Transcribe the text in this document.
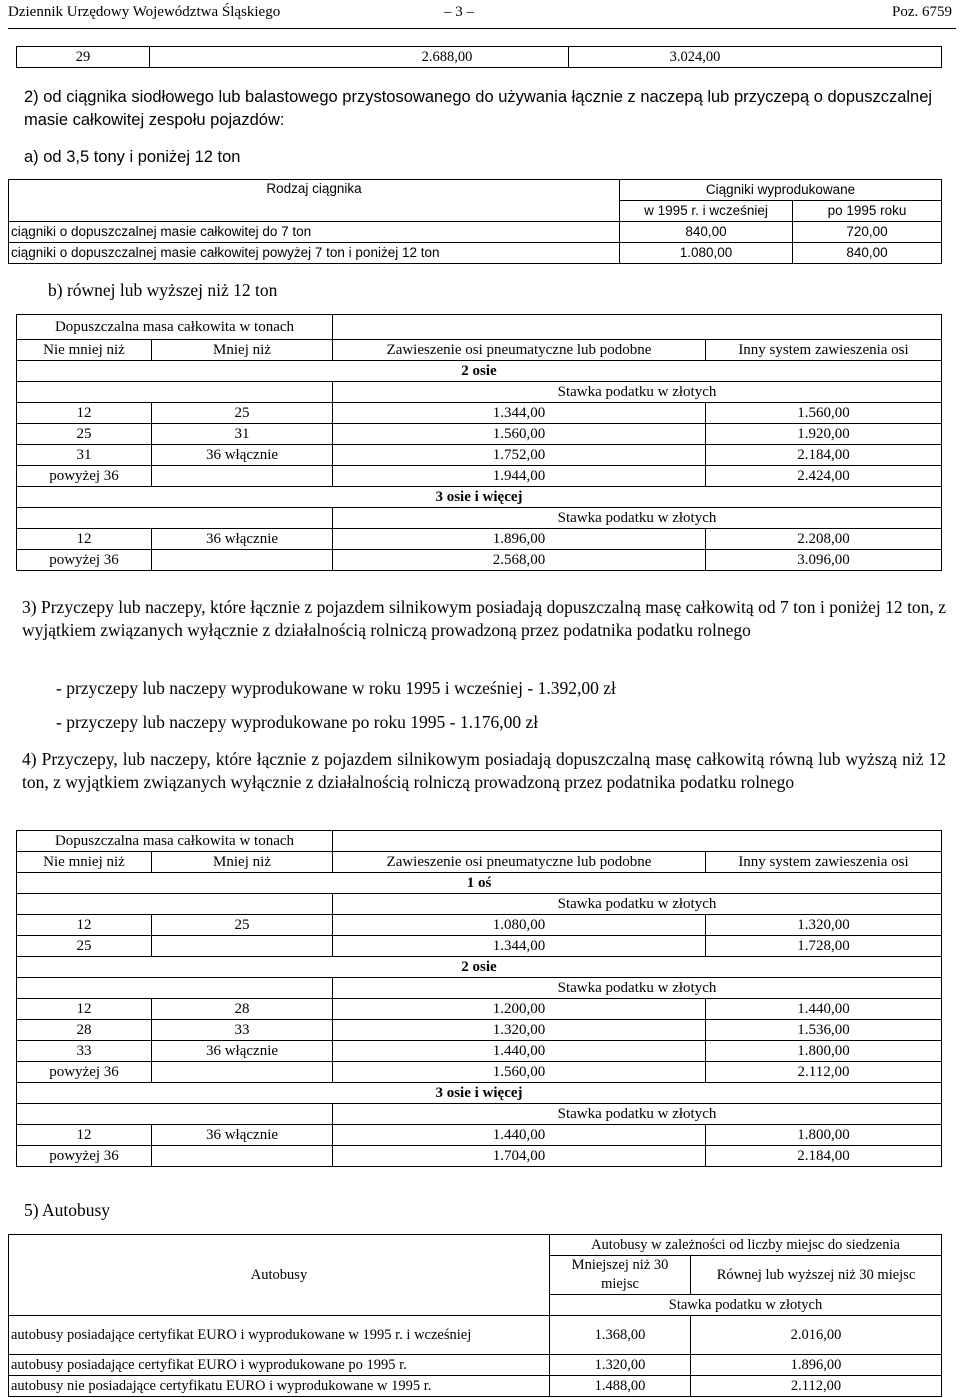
Dziennik Urzędowy Województwa Śląskiego	– 3 –	Poz. 6759
29	2.688,00	3.024,00
2) od ciągnika siodłowego lub balastowego przystosowanego do używania łącznie z naczepą lub przyczepą o dopuszczalnej masie całkowitej zespołu pojazdów:
a) od 3,5 tony i poniżej 12 ton
Rodzaj ciągnika	Ciągniki wyprodukowane	
	w 1995 r. i wcześniej	po 1995 roku
ciągniki o dopuszczalnej masie całkowitej do 7 ton	840,00	720,00
ciągniki o dopuszczalnej masie całkowitej powyżej 7 ton i poniżej 12 ton	1.080,00	840,00
b) równej lub wyższej niż 12 ton
Dopuszczalna masa całkowita w tonach			
Nie mniej niż	Mniej niż	Zawieszenie osi pneumatyczne lub podobne	Inny system zawieszenia osi
2 osie			
		Stawka podatku w złotych	
12	25	1.344,00	1.560,00
25	31	1.560,00	1.920,00
31	36 włącznie	1.752,00	2.184,00
powyżej 36		1.944,00	2.424,00
3 osie i więcej			
		Stawka podatku w złotych	
12	36 włącznie	1.896,00	2.208,00
powyżej 36		2.568,00	3.096,00
3) Przyczepy lub naczepy, które łącznie z pojazdem silnikowym posiadają dopuszczalną masę całkowitą od 7 ton i poniżej 12 ton, z wyjątkiem związanych wyłącznie z działalnością rolniczą prowadzoną przez podatnika podatku rolnego
- przyczepy lub naczepy wyprodukowane w roku 1995 i wcześniej - 1.392,00 zł
- przyczepy lub naczepy wyprodukowane po roku 1995 - 1.176,00 zł
4) Przyczepy, lub naczepy, które łącznie z pojazdem silnikowym posiadają dopuszczalną masę całkowitą równą lub wyższą niż 12 ton, z wyjątkiem związanych wyłącznie z działalnością rolniczą prowadzoną przez podatnika podatku rolnego
Dopuszczalna masa całkowita w tonach			
Nie mniej niż	Mniej niż	Zawieszenie osi pneumatyczne lub podobne	Inny system zawieszenia osi
1 oś			
		Stawka podatku w złotych	
12	25	1.080,00	1.320,00
25		1.344,00	1.728,00
2 osie			
		Stawka podatku w złotych	
12	28	1.200,00	1.440,00
28	33	1.320,00	1.536,00
33	36 włącznie	1.440,00	1.800,00
powyżej 36		1.560,00	2.112,00
3 osie i więcej			
		Stawka podatku w złotych	
12	36 włącznie	1.440,00	1.800,00
powyżej 36		1.704,00	2.184,00
5) Autobusy
Autobusy	Autobusy w zależności od liczby miejsc do siedzenia	
	Mniejszej niż 30 miejsc	Równej lub wyższej niż 30 miejsc
	Stawka podatku w złotych	
autobusy posiadające certyfikat EURO i wyprodukowane w 1995 r. i wcześniej	1.368,00	2.016,00
autobusy posiadające certyfikat EURO i wyprodukowane po 1995 r.	1.320,00	1.896,00
autobusy nie posiadające certyfikatu EURO i wyprodukowane w 1995 r.	1.488,00	2.112,00
